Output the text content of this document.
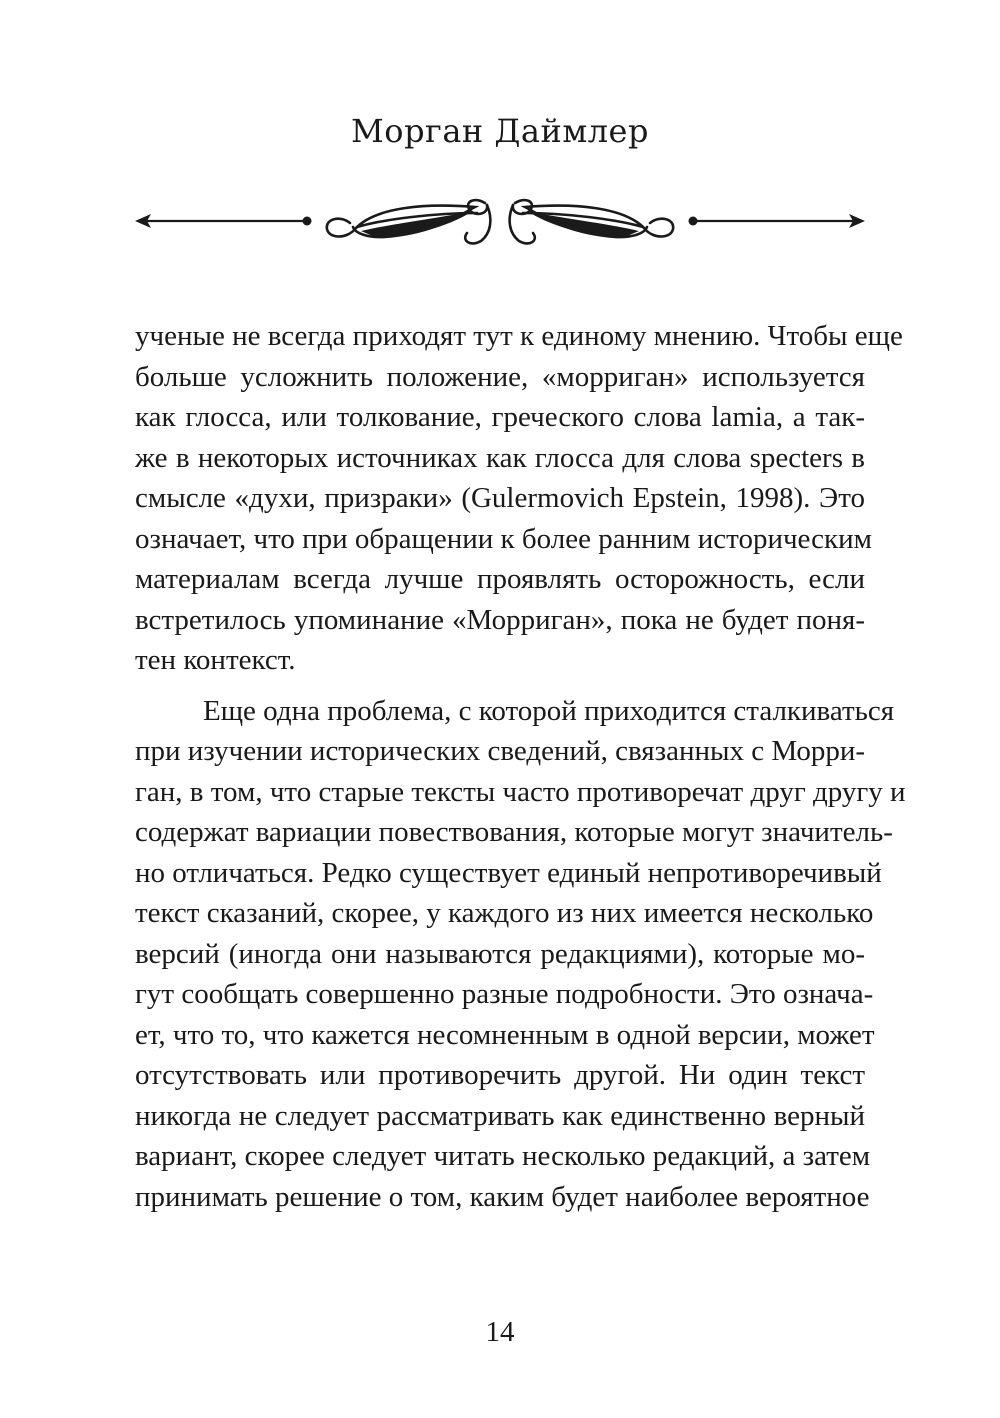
Морган Даймлер
ученые не всегда приходят тут к единому мнению. Чтобы еще
больше усложнить положение, «морриган» используется
как глосса, или толкование, греческого слова lamia, а так-
же в некоторых источниках как глосса для слова specters в
смысле «духи, призраки» (Gulermovich Epstein, 1998). Это
означает, что при обращении к более ранним историческим
материалам всегда лучше проявлять осторожность, если
встретилось упоминание «Морриган», пока не будет поня-
тен контекст.
Еще одна проблема, с которой приходится сталкиваться
при изучении исторических сведений, связанных с Морри-
ган, в том, что старые тексты часто противоречат друг другу и
содержат вариации повествования, которые могут значитель-
но отличаться. Редко существует единый непротиворечивый
текст сказаний, скорее, у каждого из них имеется несколько
версий (иногда они называются редакциями), которые мо-
гут сообщать совершенно разные подробности. Это означа-
ет, что то, что кажется несомненным в одной версии, может
отсутствовать или противоречить другой. Ни один текст
никогда не следует рассматривать как единственно верный
вариант, скорее следует читать несколько редакций, а затем
принимать решение о том, каким будет наиболее вероятное
14
